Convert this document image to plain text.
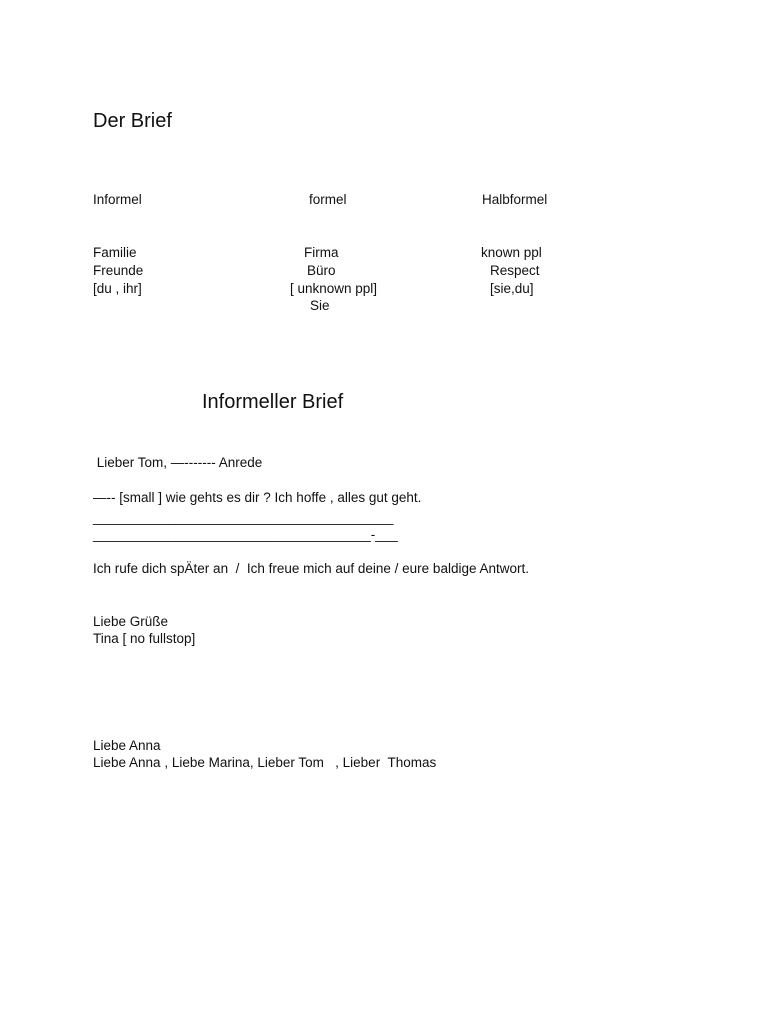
Der Brief
Informel	formel	Halbformel
Familie
Freunde
[du , ihr]
Firma
Büro
[ unknown ppl]
Sie
known ppl
Respect
[sie,du]
Informeller Brief
Lieber Tom, —------- Anrede
—-- [small ] wie gehts es dir ? Ich hoffe , alles gut geht.
________________________________________
_____________________________________-___
Ich rufe dich spÄter an  /  Ich freue mich auf deine / eure baldige Antwort.
Liebe Grüße
Tina [ no fullstop]
Liebe Anna
Liebe Anna , Liebe Marina, Lieber Tom   , Lieber  Thomas
